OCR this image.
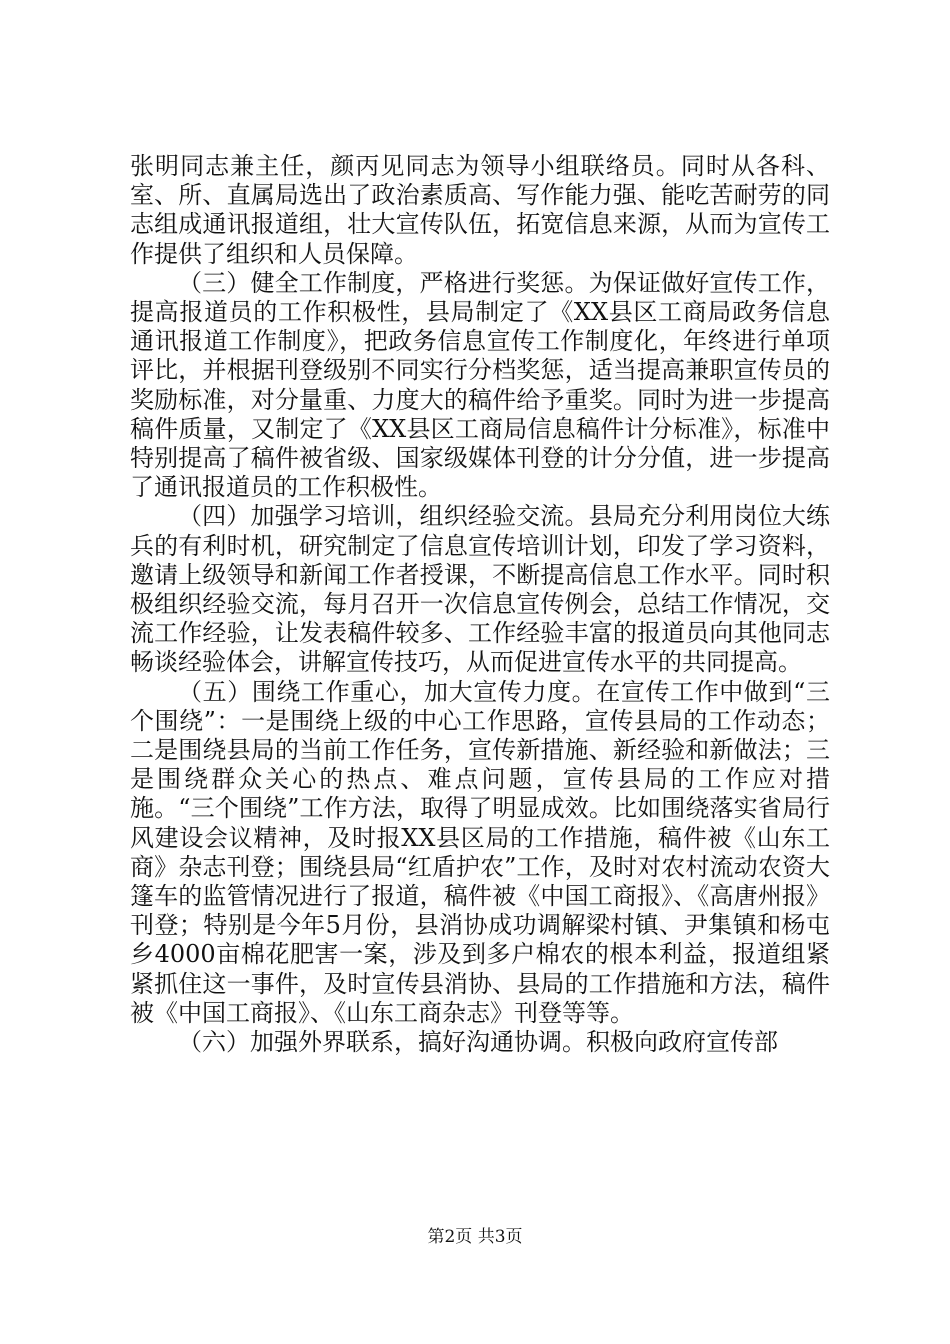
张明同志兼主任，颜丙见同志为领导小组联络员。同时从各科、室、所、直属局选出了政治素质高、写作能力强、能吃苦耐劳的同志组成通讯报道组，壮大宣传队伍，拓宽信息来源，从而为宣传工作提供了组织和人员保障。

（三）健全工作制度，严格进行奖惩。为保证做好宣传工作，提高报道员的工作积极性，县局制定了《XX县区工商局政务信息通讯报道工作制度》，把政务信息宣传工作制度化，年终进行单项评比，并根据刊登级别不同实行分档奖惩，适当提高兼职宣传员的奖励标准，对分量重、力度大的稿件给予重奖。同时为进一步提高稿件质量，又制定了《XX县区工商局信息稿件计分标准》，标准中特别提高了稿件被省级、国家级媒体刊登的计分分值，进一步提高了通讯报道员的工作积极性。

（四）加强学习培训，组织经验交流。县局充分利用岗位大练兵的有利时机，研究制定了信息宣传培训计划，印发了学习资料，邀请上级领导和新闻工作者授课，不断提高信息工作水平。同时积极组织经验交流，每月召开一次信息宣传例会，总结工作情况，交流工作经验，让发表稿件较多、工作经验丰富的报道员向其他同志畅谈经验体会，讲解宣传技巧，从而促进宣传水平的共同提高。

（五）围绕工作重心，加大宣传力度。在宣传工作中做到“三个围绕”：一是围绕上级的中心工作思路，宣传县局的工作动态；二是围绕县局的当前工作任务，宣传新措施、新经验和新做法；三是围绕群众关心的热点、难点问题，宣传县局的工作应对措施。“三个围绕”工作方法，取得了明显成效。比如围绕落实省局行风建设会议精神，及时报XX县区局的工作措施，稿件被《山东工商》杂志刊登；围绕县局“红盾护农”工作，及时对农村流动农资大篷车的监管情况进行了报道，稿件被《中国工商报》、《高唐州报》刊登；特别是今年5月份，县消协成功调解梁村镇、尹集镇和杨屯乡4000亩棉花肥害一案，涉及到多户棉农的根本利益，报道组紧紧抓住这一事件，及时宣传县消协、县局的工作措施和方法，稿件被《中国工商报》、《山东工商杂志》刊登等等。

（六）加强外界联系，搞好沟通协调。积极向政府宣传部

第2页 共3页
